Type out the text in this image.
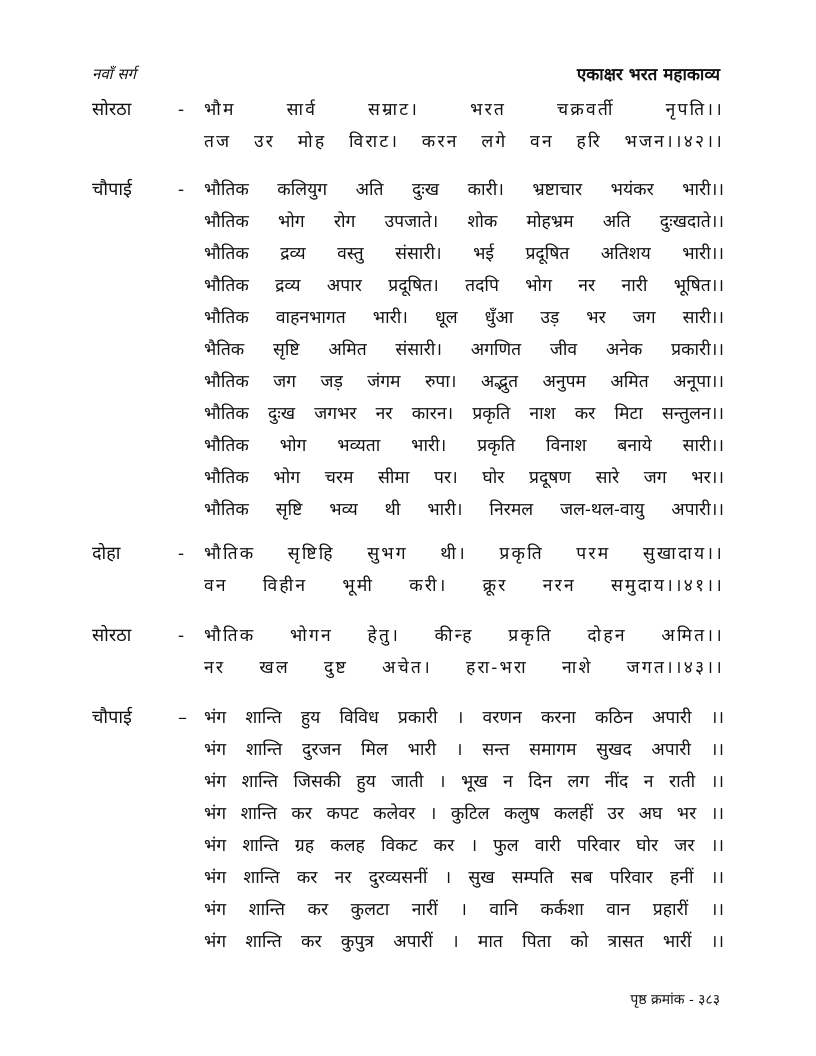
नवाँ सर्ग	एकाक्षर भरत महाकाव्य
सोरठा	- भौम सार्व सम्राट। भरत चक्रवर्ती नृपति।।
तज उर मोह विराट। करन लगे वन हरि भजन।।४२।।
चौपाई	- भौतिक कलियुग अति दुःख कारी। भ्रष्टाचार भयंकर भारी।।
भौतिक भोग रोग उपजाते। शोक मोहभ्रम अति दुःखदाते।।
भौतिक द्रव्य वस्तु संसारी। भई प्रदूषित अतिशय भारी।।
भौतिक द्रव्य अपार प्रदूषित। तदपि भोग नर नारी भूषित।।
भौतिक वाहनभागत भारी। धूल धुँआ उड़ भर जग सारी।।
भैतिक सृष्टि अमित संसारी। अगणित जीव अनेक प्रकारी।।
भौतिक जग जड़ जंगम रुपा। अद्भुत अनुपम अमित अनूपा।।
भौतिक दुःख जगभर नर कारन। प्रकृति नाश कर मिटा सन्तुलन।।
भौतिक भोग भव्यता भारी। प्रकृति विनाश बनाये सारी।।
भौतिक भोग चरम सीमा पर। घोर प्रदूषण सारे जग भर।।
भौतिक सृष्टि भव्य थी भारी। निरमल जल-थल-वायु अपारी।।
दोहा	- भौतिक सृष्टिहि सुभग थी। प्रकृति परम सुखादाय।।
वन विहीन भूमी करी। क्रूर नरन समुदाय।।४१।।
सोरठा	- भौतिक भोगन हेतु। कीन्ह प्रकृति दोहन अमित।।
नर खल दुष्ट अचेत। हरा-भरा नाशे जगत।।४३।।
चौपाई	– भंग शान्ति हुय विविध प्रकारी । वरणन करना कठिन अपारी ।।
भंग शान्ति दुरजन मिल भारी । सन्त समागम सुखद अपारी ।।
भंग शान्ति जिसकी हुय जाती । भूख न दिन लग नींद न राती ।।
भंग शान्ति कर कपट कलेवर । कुटिल कलुष कलहीं उर अघ भर ।।
भंग शान्ति ग्रह कलह विकट कर । फुल वारी परिवार घोर जर ।।
भंग शान्ति कर नर दुरव्यसनीं । सुख सम्पति सब परिवार हनीं ।।
भंग शान्ति कर कुलटा नारीं । वानि कर्कशा वान प्रहारीं ।।
भंग शान्ति कर कुपुत्र अपारीं । मात पिता को त्रासत भारीं ।।
पृष्ठ क्रमांक - ३८३
